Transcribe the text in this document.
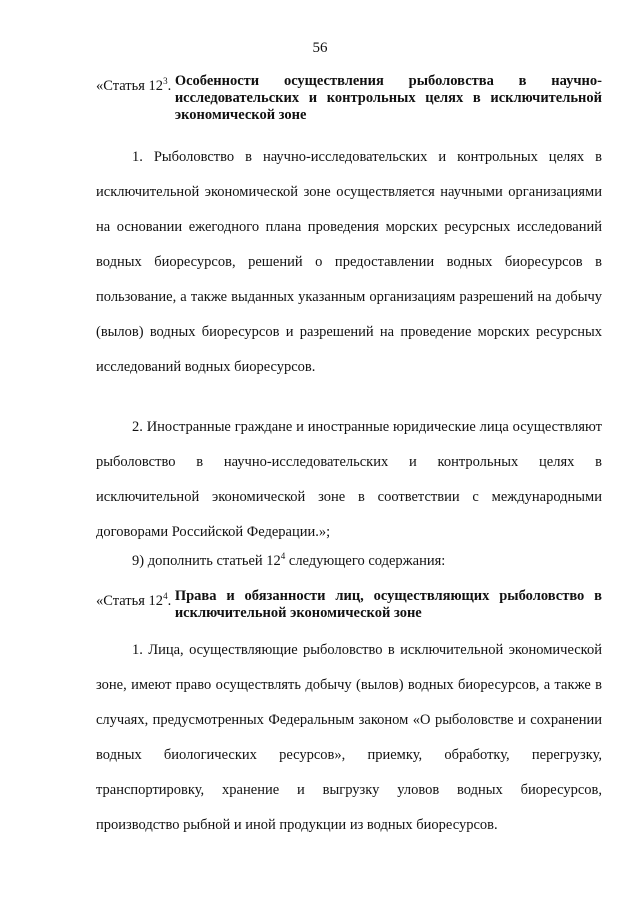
56
«Статья $12^3$. Особенности осуществления рыболовства в научно-исследовательских и контрольных целях в исключительной экономической зоне

1. Рыболовство в научно-исследовательских и контрольных целях в исключительной экономической зоне осуществляется научными организациями на основании ежегодного плана проведения морских ресурсных исследований водных биоресурсов, решений о предоставлении водных биоресурсов в пользование, а также выданных указанным организациям разрешений на добычу (вылов) водных биоресурсов и разрешений на проведение морских ресурсных исследований водных биоресурсов.

2. Иностранные граждане и иностранные юридические лица осуществляют рыболовство в научно-исследовательских и контрольных целях в исключительной экономической зоне в соответствии с международными договорами Российской Федерации.»;

9) дополнить статьей $12^4$ следующего содержания:

«Статья $12^4$. Права и обязанности лиц, осуществляющих рыболовство в исключительной экономической зоне

1. Лица, осуществляющие рыболовство в исключительной экономической зоне, имеют право осуществлять добычу (вылов) водных биоресурсов, а также в случаях, предусмотренных Федеральным законом «О рыболовстве и сохранении водных биологических ресурсов», приемку, обработку, перегрузку, транспортировку, хранение и выгрузку уловов водных биоресурсов, производство рыбной и иной продукции из водных биоресурсов.
